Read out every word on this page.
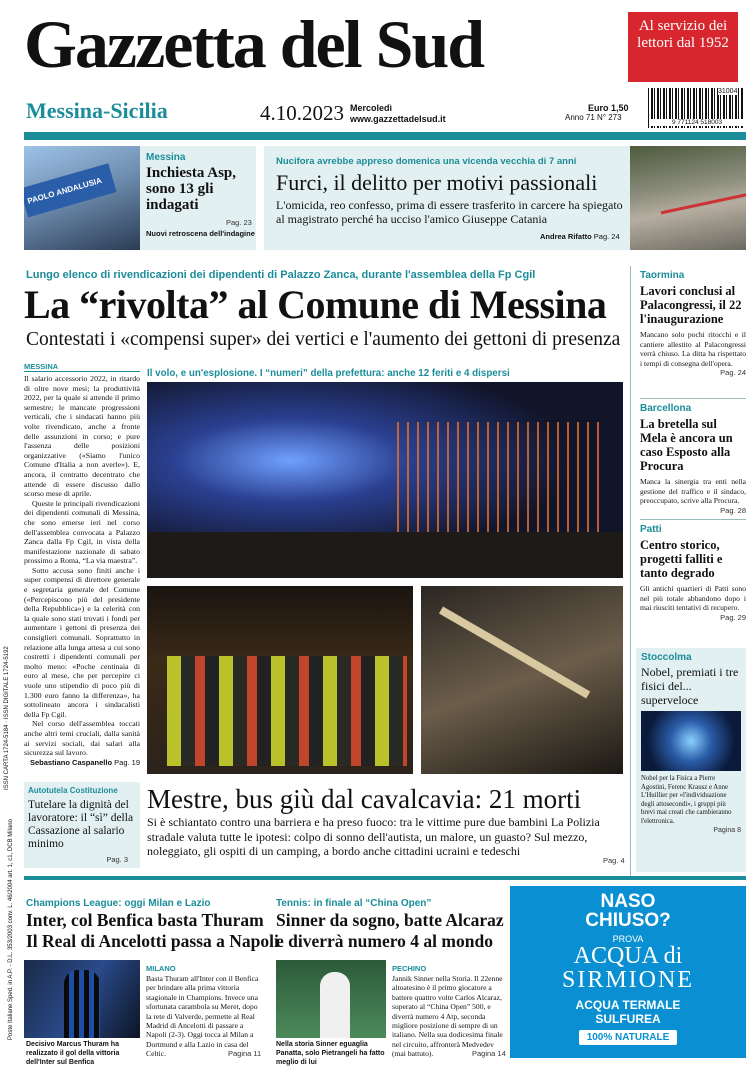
Gazzetta del Sud	Al servizio dei lettori dal 1952
Messina-Sicilia	4.10.2023 Mercoledì
www.gazzettadelsud.it
Euro 1,50
Anno 71 N° 273
31004
9 771124 518003
PAOLO ANDALUSIA
Messina
Inchiesta Asp, sono 13 gli indagati
Pag. 23
Nuovi retroscena dell'indagine
Nucifora avrebbe appreso domenica una vicenda vecchia di 7 anni
Furci, il delitto per motivi passionali
L'omicida, reo confesso, prima di essere trasferito in carcere ha spiegato al magistrato perché ha ucciso l'amico Giuseppe Catania
Andrea Rifatto Pag. 24
Lungo elenco di rivendicazioni dei dipendenti di Palazzo Zanca, durante l'assemblea della Fp Cgil
La “rivolta” al Comune di Messina
Contestati i «compensi super» dei vertici e l'aumento dei gettoni di presenza
MESSINA

Il salario accessorio 2022, in ritardo di oltre nove mesi; la produttività 2022, per la quale si attende il primo semestre; le mancate progressioni verticali, che i sindacati hanno più volte rivendicato, anche a fronte delle assunzioni in corso; e pure l'assenza delle posizioni organizzative («Siamo l'unico Comune d'Italia a non averle»). E, ancora, il contratto decentrato che attende di essere discusso dallo scorso mese di aprile.

Queste le principali rivendicazioni dei dipendenti comunali di Messina, che sono emerse ieri nel corso dell'assemblea convocata a Palazzo Zanca dalla Fp Cgil, in vista della manifestazione nazionale di sabato prossimo a Roma, “La via maestra”.

Sotto accusa sono finiti anche i super compensi di direttore generale e segretaria generale del Comune («Percepiscono più del presidente della Repubblica») e la celerità con la quale sono stati trovati i fondi per aumentare i gettoni di presenza dei consiglieri comunali. Soprattutto in relazione alla lunga attesa a cui sono costretti i dipendenti comunali per molto meno: «Poche centinaia di euro al mese, che per percepire ci vuole uno stipendio di poco più di 1.300 euro fanno la differenza», ha sottolineato ancora i sindacalisti della Fp Cgil.

Nel corso dell'assemblea toccati anche altri temi cruciali, dalla sanità ai servizi sociali, dai salari alla sicurezza sul lavoro.

Sebastiano Caspanello Pag. 19
Autotutela Costituzione
Tutelare la dignità del lavoratore: il “sì” della Cassazione al salario minimo
Pag. 3
Il volo, e un'esplosione. I “numeri” della prefettura: anche 12 feriti e 4 dispersi
Mestre, bus giù dal cavalcavia: 21 morti
Si è schiantato contro una barriera e ha preso fuoco: tra le vittime pure due bambini La Polizia stradale valuta tutte le ipotesi: colpo di sonno dell'autista, un malore, un guasto? Sul mezzo, noleggiato, gli ospiti di un camping, a bordo anche cittadini ucraini e tedeschi
Pag. 4
Taormina
Lavori conclusi al Palacongressi, il 22 l'inaugurazione
Mancano solo pochi ritocchi e il cantiere allestito al Palacongressi verrà chiuso. La ditta ha rispettato i tempi di consegna dell'opera.
Pag. 24
Barcellona
La bretella sul Mela è ancora un caso Esposto alla Procura
Manca la sinergia tra enti nella gestione del traffico e il sindaco, preoccupato, scrive alla Procura.
Pag. 28
Patti
Centro storico, progetti falliti e tanto degrado
Gli antichi quartieri di Patti sono nel più totale abbandono dopo i mai riusciti tentativi di recupero.
Pag. 29
Stoccolma
Nobel, premiati i tre fisici del... superveloce
Nobel per la Fisica a Pierre Agostini, Ferenc Krausz e Anne L'Huillier per «l'individuazione degli attosecondi», i gruppi più brevi mai creati che cambieranno l'elettronica.
Pagina 8
ISSN CARTA 1724-5184 · ISSN DIGITALE 1724-5192
Poste Italiane Sped. in A.P. - D.L. 353/2003 conv. L. 46/2004 art. 1, c1, DCB Milano Champions League: oggi Milan e Lazio
Inter, col Benfica basta Thuram
Il Real di Ancelotti passa a Napoli
Decisivo Marcus Thuram ha realizzato il gol della vittoria dell'Inter sul Benfica
MILANO
Basta Thuram all'Inter con il Benfica per brindare alla prima vittoria stagionale in Champions. Invece una sfortunata carambola su Meret, dopo la rete di Valverde, permette al Real Madrid di Ancelotti di passare a Napoli (2-3). Oggi tocca al Milan a Dortmund e alla Lazio in casa del Celtic.	Pagina 11
Tennis: in finale al “China Open”
Sinner da sogno, batte Alcaraz
e diverrà numero 4 al mondo
Nella storia Sinner eguaglia Panatta, solo Pietrangeli ha fatto meglio di lui
PECHINO
Jannik Sinner nella Storia. Il 22enne altoatesino è il primo giocatore a battere quattro volte Carlos Alcaraz, superato al “China Open” 500, e diverrà numero 4 Atp, seconda migliore posizione di sempre di un italiano. Nella sua dodicesima finale nel circuito, affronterà Medvedev (mai battuto).	Pagina 14
NASO
CHIUSO?
PROVA
ACQUA di
SIRMIONE
ACQUA TERMALE
SULFUREA
100% NATURALE
